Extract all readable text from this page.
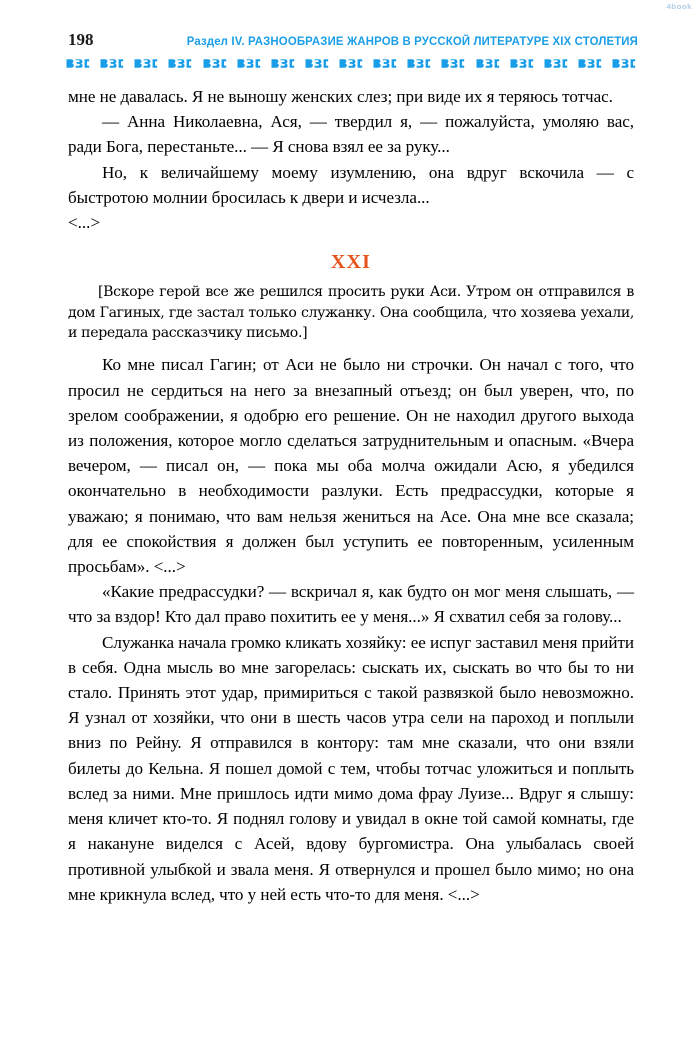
4book
198	Раздел IV. РАЗНООБРАЗИЕ ЖАНРОВ В РУССКОЙ ЛИТЕРАТУРЕ XIX СТОЛЕТИЯ

мне не давалась. Я не выношу женских слез; при виде их я теряюсь тотчас.

— Анна Николаевна, Ася, — твердил я, — пожалуйста, умоляю вас, ради Бога, перестаньте... — Я снова взял ее за руку...

Но, к величайшему моему изумлению, она вдруг вскочила — с быстротою молнии бросилась к двери и исчезла...

<...>
XXI

[Вскоре герой все же решился просить руки Аси. Утром он отправился в дом Гагиных, где застал только служанку. Она сообщила, что хозяева уехали, и передала рассказчику письмо.]

Ко мне писал Гагин; от Аси не было ни строчки. Он начал с того, что просил не сердиться на него за внезапный отъезд; он был уверен, что, по зрелом соображении, я одобрю его решение. Он не находил другого выхода из положения, которое могло сделаться затруднительным и опасным. «Вчера вечером, — писал он, — пока мы оба молча ожидали Асю, я убедился окончательно в необходимости разлуки. Есть предрассудки, которые я уважаю; я понимаю, что вам нельзя жениться на Асе. Она мне все сказала; для ее спокойствия я должен был уступить ее повторенным, усиленным просьбам». <...>

«Какие предрассудки? — вскричал я, как будто он мог меня слышать, — что за вздор! Кто дал право похитить ее у меня...» Я схватил себя за голову...

Служанка начала громко кликать хозяйку: ее испуг заставил меня прийти в себя. Одна мысль во мне загорелась: сыскать их, сыскать во что бы то ни стало. Принять этот удар, примириться с такой развязкой было невозможно. Я узнал от хозяйки, что они в шесть часов утра сели на пароход и поплыли вниз по Рейну. Я отправился в контору: там мне сказали, что они взяли билеты до Кельна. Я пошел домой с тем, чтобы тотчас уложиться и поплыть вслед за ними. Мне пришлось идти мимо дома фрау Луизе... Вдруг я слышу: меня кличет кто-то. Я поднял голову и увидал в окне той самой комнаты, где я накануне виделся с Асей, вдову бургомистра. Она улыбалась своей противной улыбкой и звала меня. Я отвернулся и прошел было мимо; но она мне крикнула вслед, что у ней есть что-то для меня. <...>
